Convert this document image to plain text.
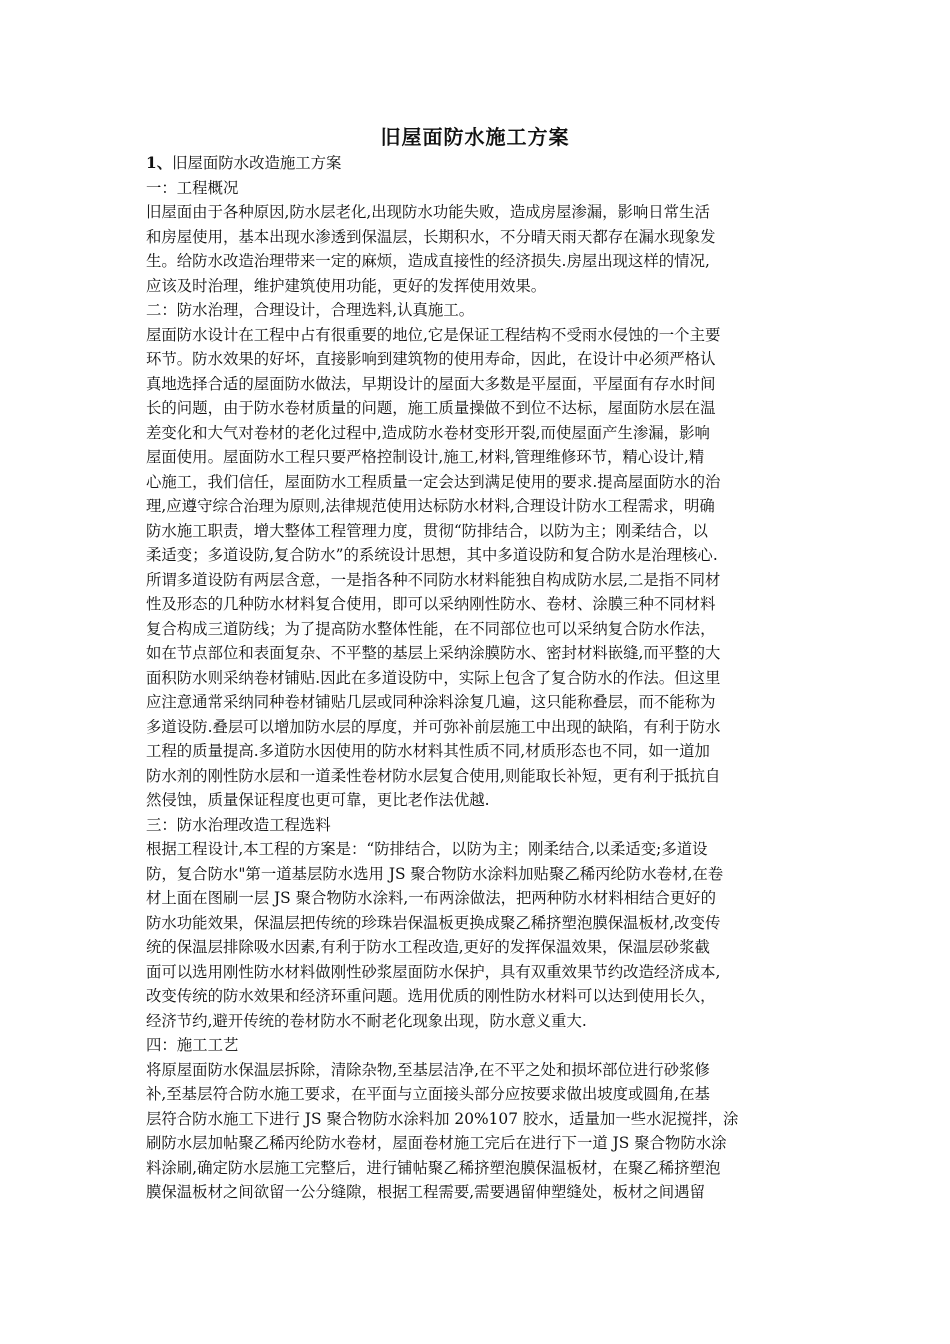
旧屋面防水施工方案
1、旧屋面防水改造施工方案
一：工程概况
旧屋面由于各种原因,防水层老化,出现防水功能失败，造成房屋渗漏，影响日常生活
和房屋使用，基本出现水渗透到保温层，长期积水，不分晴天雨天都存在漏水现象发
生。给防水改造治理带来一定的麻烦，造成直接性的经济损失.房屋出现这样的情况,
应该及时治理，维护建筑使用功能，更好的发挥使用效果。
二：防水治理，合理设计，合理选料,认真施工。
屋面防水设计在工程中占有很重要的地位,它是保证工程结构不受雨水侵蚀的一个主要
环节。防水效果的好坏，直接影响到建筑物的使用寿命，因此，在设计中必须严格认
真地选择合适的屋面防水做法，早期设计的屋面大多数是平屋面，平屋面有存水时间
长的问题，由于防水卷材质量的问题，施工质量操做不到位不达标，屋面防水层在温
差变化和大气对卷材的老化过程中,造成防水卷材变形开裂,而使屋面产生渗漏，影响
屋面使用。屋面防水工程只要严格控制设计,施工,材料,管理维修环节，精心设计,精
心施工，我们信任，屋面防水工程质量一定会达到满足使用的要求.提高屋面防水的治
理,应遵守综合治理为原则,法律规范使用达标防水材料,合理设计防水工程需求，明确
防水施工职责，增大整体工程管理力度，贯彻“防排结合，以防为主；刚柔结合，以
柔适变；多道设防,复合防水”的系统设计思想，其中多道设防和复合防水是治理核心.
所谓多道设防有两层含意，一是指各种不同防水材料能独自构成防水层,二是指不同材
性及形态的几种防水材料复合使用，即可以采纳刚性防水、卷材、涂膜三种不同材料
复合构成三道防线；为了提高防水整体性能，在不同部位也可以采纳复合防水作法，
如在节点部位和表面复杂、不平整的基层上采纳涂膜防水、密封材料嵌缝,而平整的大
面积防水则采纳卷材铺贴.因此在多道设防中，实际上包含了复合防水的作法。但这里
应注意通常采纳同种卷材铺贴几层或同种涂料涂复几遍，这只能称叠层，而不能称为
多道设防.叠层可以增加防水层的厚度，并可弥补前层施工中出现的缺陷，有利于防水
工程的质量提高.多道防水因使用的防水材料其性质不同,材质形态也不同，如一道加
防水剂的刚性防水层和一道柔性卷材防水层复合使用,则能取长补短，更有利于抵抗自
然侵蚀，质量保证程度也更可靠，更比老作法优越.
三：防水治理改造工程选料
根据工程设计,本工程的方案是：“防排结合，以防为主；刚柔结合,以柔适变;多道设
防，复合防水"第一道基层防水选用 JS 聚合物防水涂料加贴聚乙稀丙纶防水卷材,在卷
材上面在图刷一层 JS 聚合物防水涂料,一布两涂做法，把两种防水材料相结合更好的
防水功能效果，保温层把传统的珍珠岩保温板更换成聚乙稀挤塑泡膜保温板材,改变传
统的保温层排除吸水因素,有利于防水工程改造,更好的发挥保温效果，保温层砂浆截
面可以选用刚性防水材料做刚性砂浆屋面防水保护，具有双重效果节约改造经济成本,
改变传统的防水效果和经济环重问题。选用优质的刚性防水材料可以达到使用长久，
经济节约,避开传统的卷材防水不耐老化现象出现，防水意义重大.
四：施工工艺
将原屋面防水保温层拆除，清除杂物,至基层洁净,在不平之处和损坏部位进行砂浆修
补,至基层符合防水施工要求，在平面与立面接头部分应按要求做出坡度或圆角,在基
层符合防水施工下进行 JS 聚合物防水涂料加 20%107 胶水，适量加一些水泥搅拌，涂
刷防水层加帖聚乙稀丙纶防水卷材，屋面卷材施工完后在进行下一道 JS 聚合物防水涂
料涂刷,确定防水层施工完整后，进行铺帖聚乙稀挤塑泡膜保温板材，在聚乙稀挤塑泡
膜保温板材之间欲留一公分缝隙，根据工程需要,需要遇留伸塑缝处，板材之间遇留
